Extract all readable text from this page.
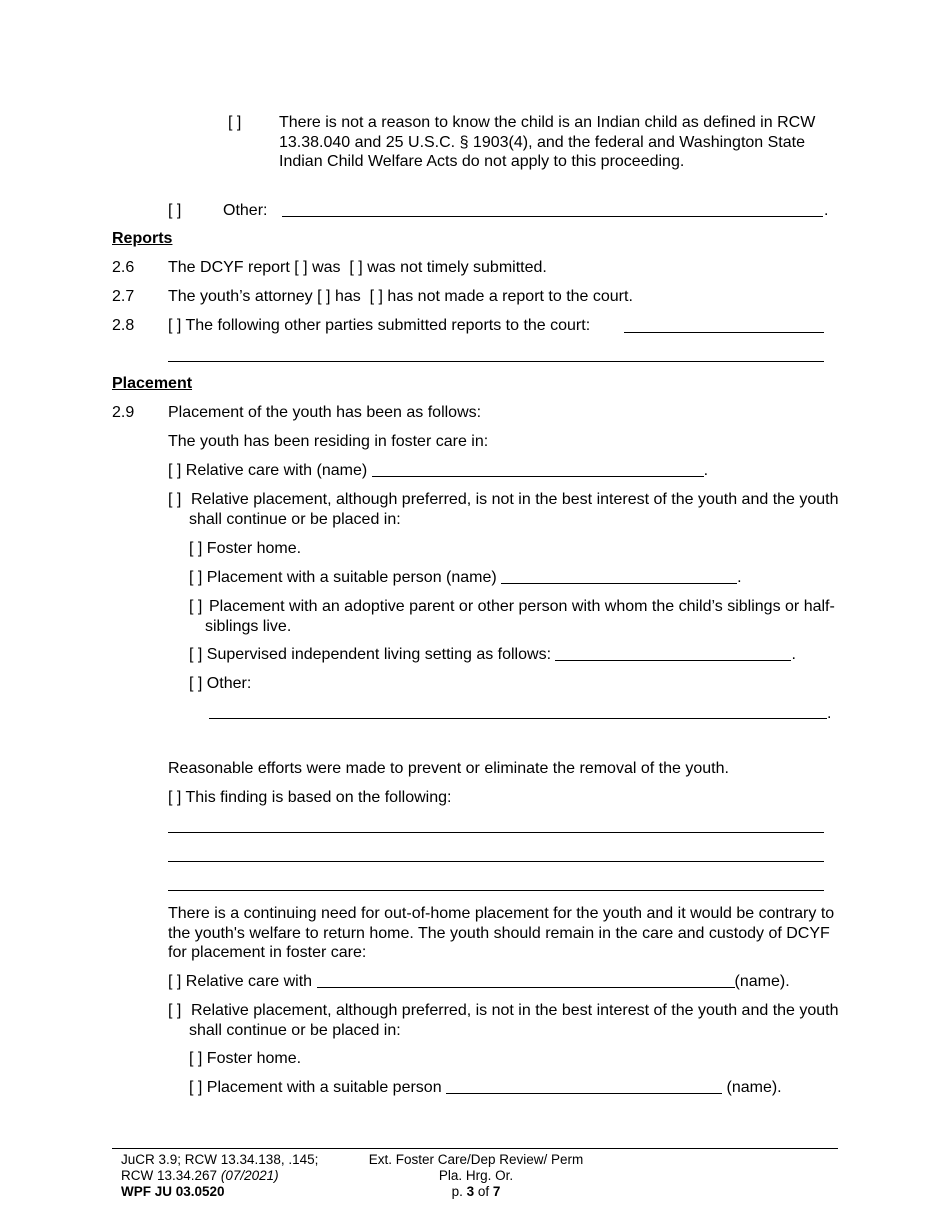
[ ] There is not a reason to know the child is an Indian child as defined in RCW 13.38.040 and 25 U.S.C. § 1903(4), and the federal and Washington State Indian Child Welfare Acts do not apply to this proceeding.
[ ]	Other:	.
Reports
2.6 The DCYF report [ ] was [ ] was not timely submitted.
2.7 The youth’s attorney [ ] has [ ] has not made a report to the court.
2.8 [ ] The following other parties submitted reports to the court:
Placement
2.9 Placement of the youth has been as follows:
The youth has been residing in foster care in:
[ ] Relative care with (name)	.
[ ] Relative placement, although preferred, is not in the best interest of the youth and the youth shall continue or be placed in:
[ ] Foster home.
[ ] Placement with a suitable person (name)	.
[ ] Placement with an adoptive parent or other person with whom the child’s siblings or half-siblings live.
[ ] Supervised independent living setting as follows:	.
[ ] Other:
.
Reasonable efforts were made to prevent or eliminate the removal of the youth.
[ ] This finding is based on the following:
There is a continuing need for out-of-home placement for the youth and it would be contrary to the youth's welfare to return home. The youth should remain in the care and custody of DCYF for placement in foster care:
[ ] Relative care with	(name).
[ ] Relative placement, although preferred, is not in the best interest of the youth and the youth shall continue or be placed in:
[ ] Foster home.
[ ] Placement with a suitable person	(name).
JuCR 3.9; RCW 13.34.138, .145;
RCW 13.34.267 (07/2021)
WPF JU 03.0520
Ext. Foster Care/Dep Review/ Perm
Pla. Hrg. Or.
p. 3 of 7
